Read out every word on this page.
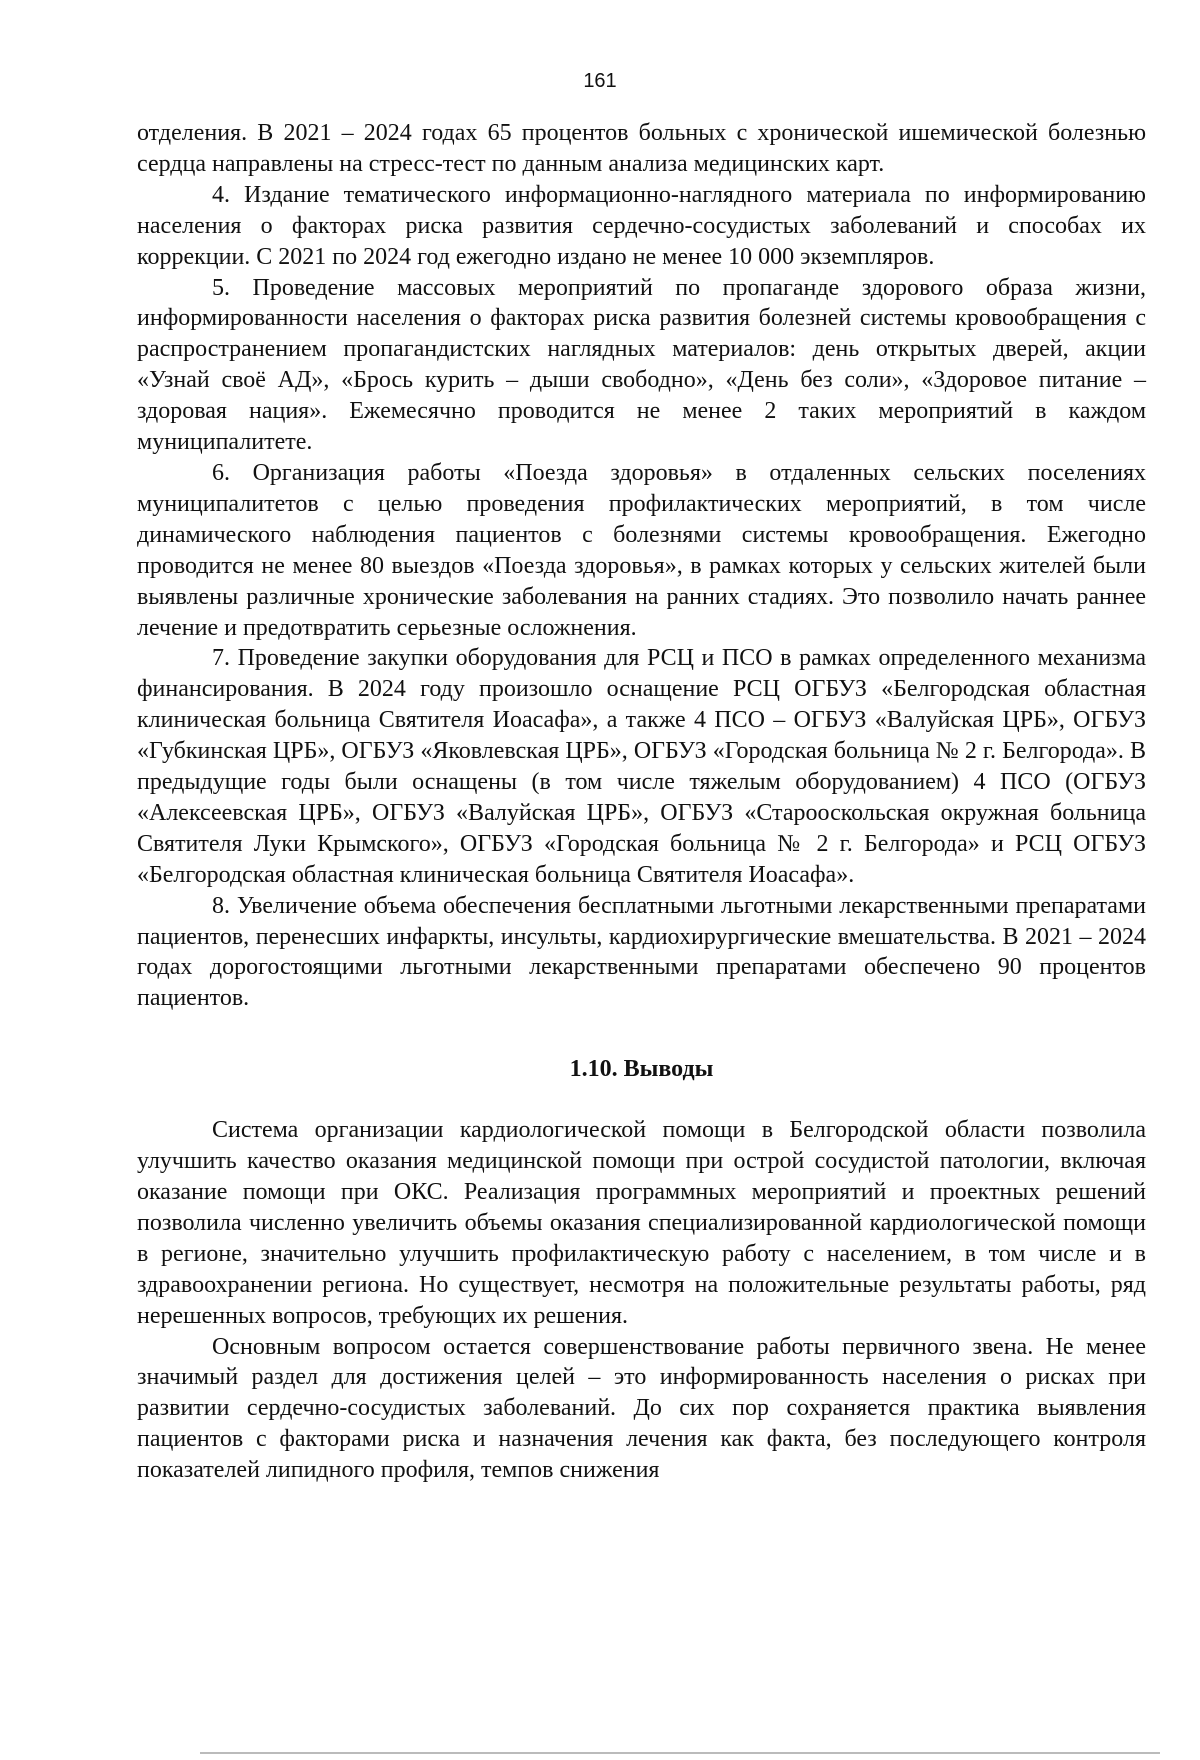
161

отделения. В 2021 – 2024 годах 65 процентов больных с хронической ишемической болезнью сердца направлены на стресс-тест по данным анализа медицинских карт.

4. Издание тематического информационно-наглядного материала по информированию населения о факторах риска развития сердечно-сосудистых заболеваний и способах их коррекции. С 2021 по 2024 год ежегодно издано не менее 10 000 экземпляров.

5. Проведение массовых мероприятий по пропаганде здорового образа жизни, информированности населения о факторах риска развития болезней системы кровообращения с распространением пропагандистских наглядных материалов: день открытых дверей, акции «Узнай своё АД», «Брось курить – дыши свободно», «День без соли», «Здоровое питание – здоровая нация». Ежемесячно проводится не менее 2 таких мероприятий в каждом муниципалитете.

6. Организация работы «Поезда здоровья» в отдаленных сельских поселениях муниципалитетов с целью проведения профилактических мероприятий, в том числе динамического наблюдения пациентов с болезнями системы кровообращения. Ежегодно проводится не менее 80 выездов «Поезда здоровья», в рамках которых у сельских жителей были выявлены различные хронические заболевания на ранних стадиях. Это позволило начать раннее лечение и предотвратить серьезные осложнения.

7. Проведение закупки оборудования для РСЦ и ПСО в рамках определенного механизма финансирования. В 2024 году произошло оснащение РСЦ ОГБУЗ «Белгородская областная клиническая больница Святителя Иоасафа», а также 4 ПСО – ОГБУЗ «Валуйская ЦРБ», ОГБУЗ «Губкинская ЦРБ», ОГБУЗ «Яковлевская ЦРБ», ОГБУЗ «Городская больница № 2 г. Белгорода». В предыдущие годы были оснащены (в том числе тяжелым оборудованием) 4 ПСО (ОГБУЗ «Алексеевская ЦРБ», ОГБУЗ «Валуйская ЦРБ», ОГБУЗ «Старооскольская окружная больница Святителя Луки Крымского», ОГБУЗ «Городская больница № 2 г. Белгорода» и РСЦ ОГБУЗ «Белгородская областная клиническая больница Святителя Иоасафа».

8. Увеличение объема обеспечения бесплатными льготными лекарственными препаратами пациентов, перенесших инфаркты, инсульты, кардиохирургические вмешательства. В 2021 – 2024 годах дорогостоящими льготными лекарственными препаратами обеспечено 90 процентов пациентов.

1.10. Выводы

Система организации кардиологической помощи в Белгородской области позволила улучшить качество оказания медицинской помощи при острой сосудистой патологии, включая оказание помощи при ОКС. Реализация программных мероприятий и проектных решений позволила численно увеличить объемы оказания специализированной кардиологической помощи в регионе, значительно улучшить профилактическую работу с населением, в том числе и в здравоохранении региона. Но существует, несмотря на положительные результаты работы, ряд нерешенных вопросов, требующих их решения.

Основным вопросом остается совершенствование работы первичного звена. Не менее значимый раздел для достижения целей – это информированность населения о рисках при развитии сердечно-сосудистых заболеваний. До сих пор сохраняется практика выявления пациентов с факторами риска и назначения лечения как факта, без последующего контроля показателей липидного профиля, темпов снижения
